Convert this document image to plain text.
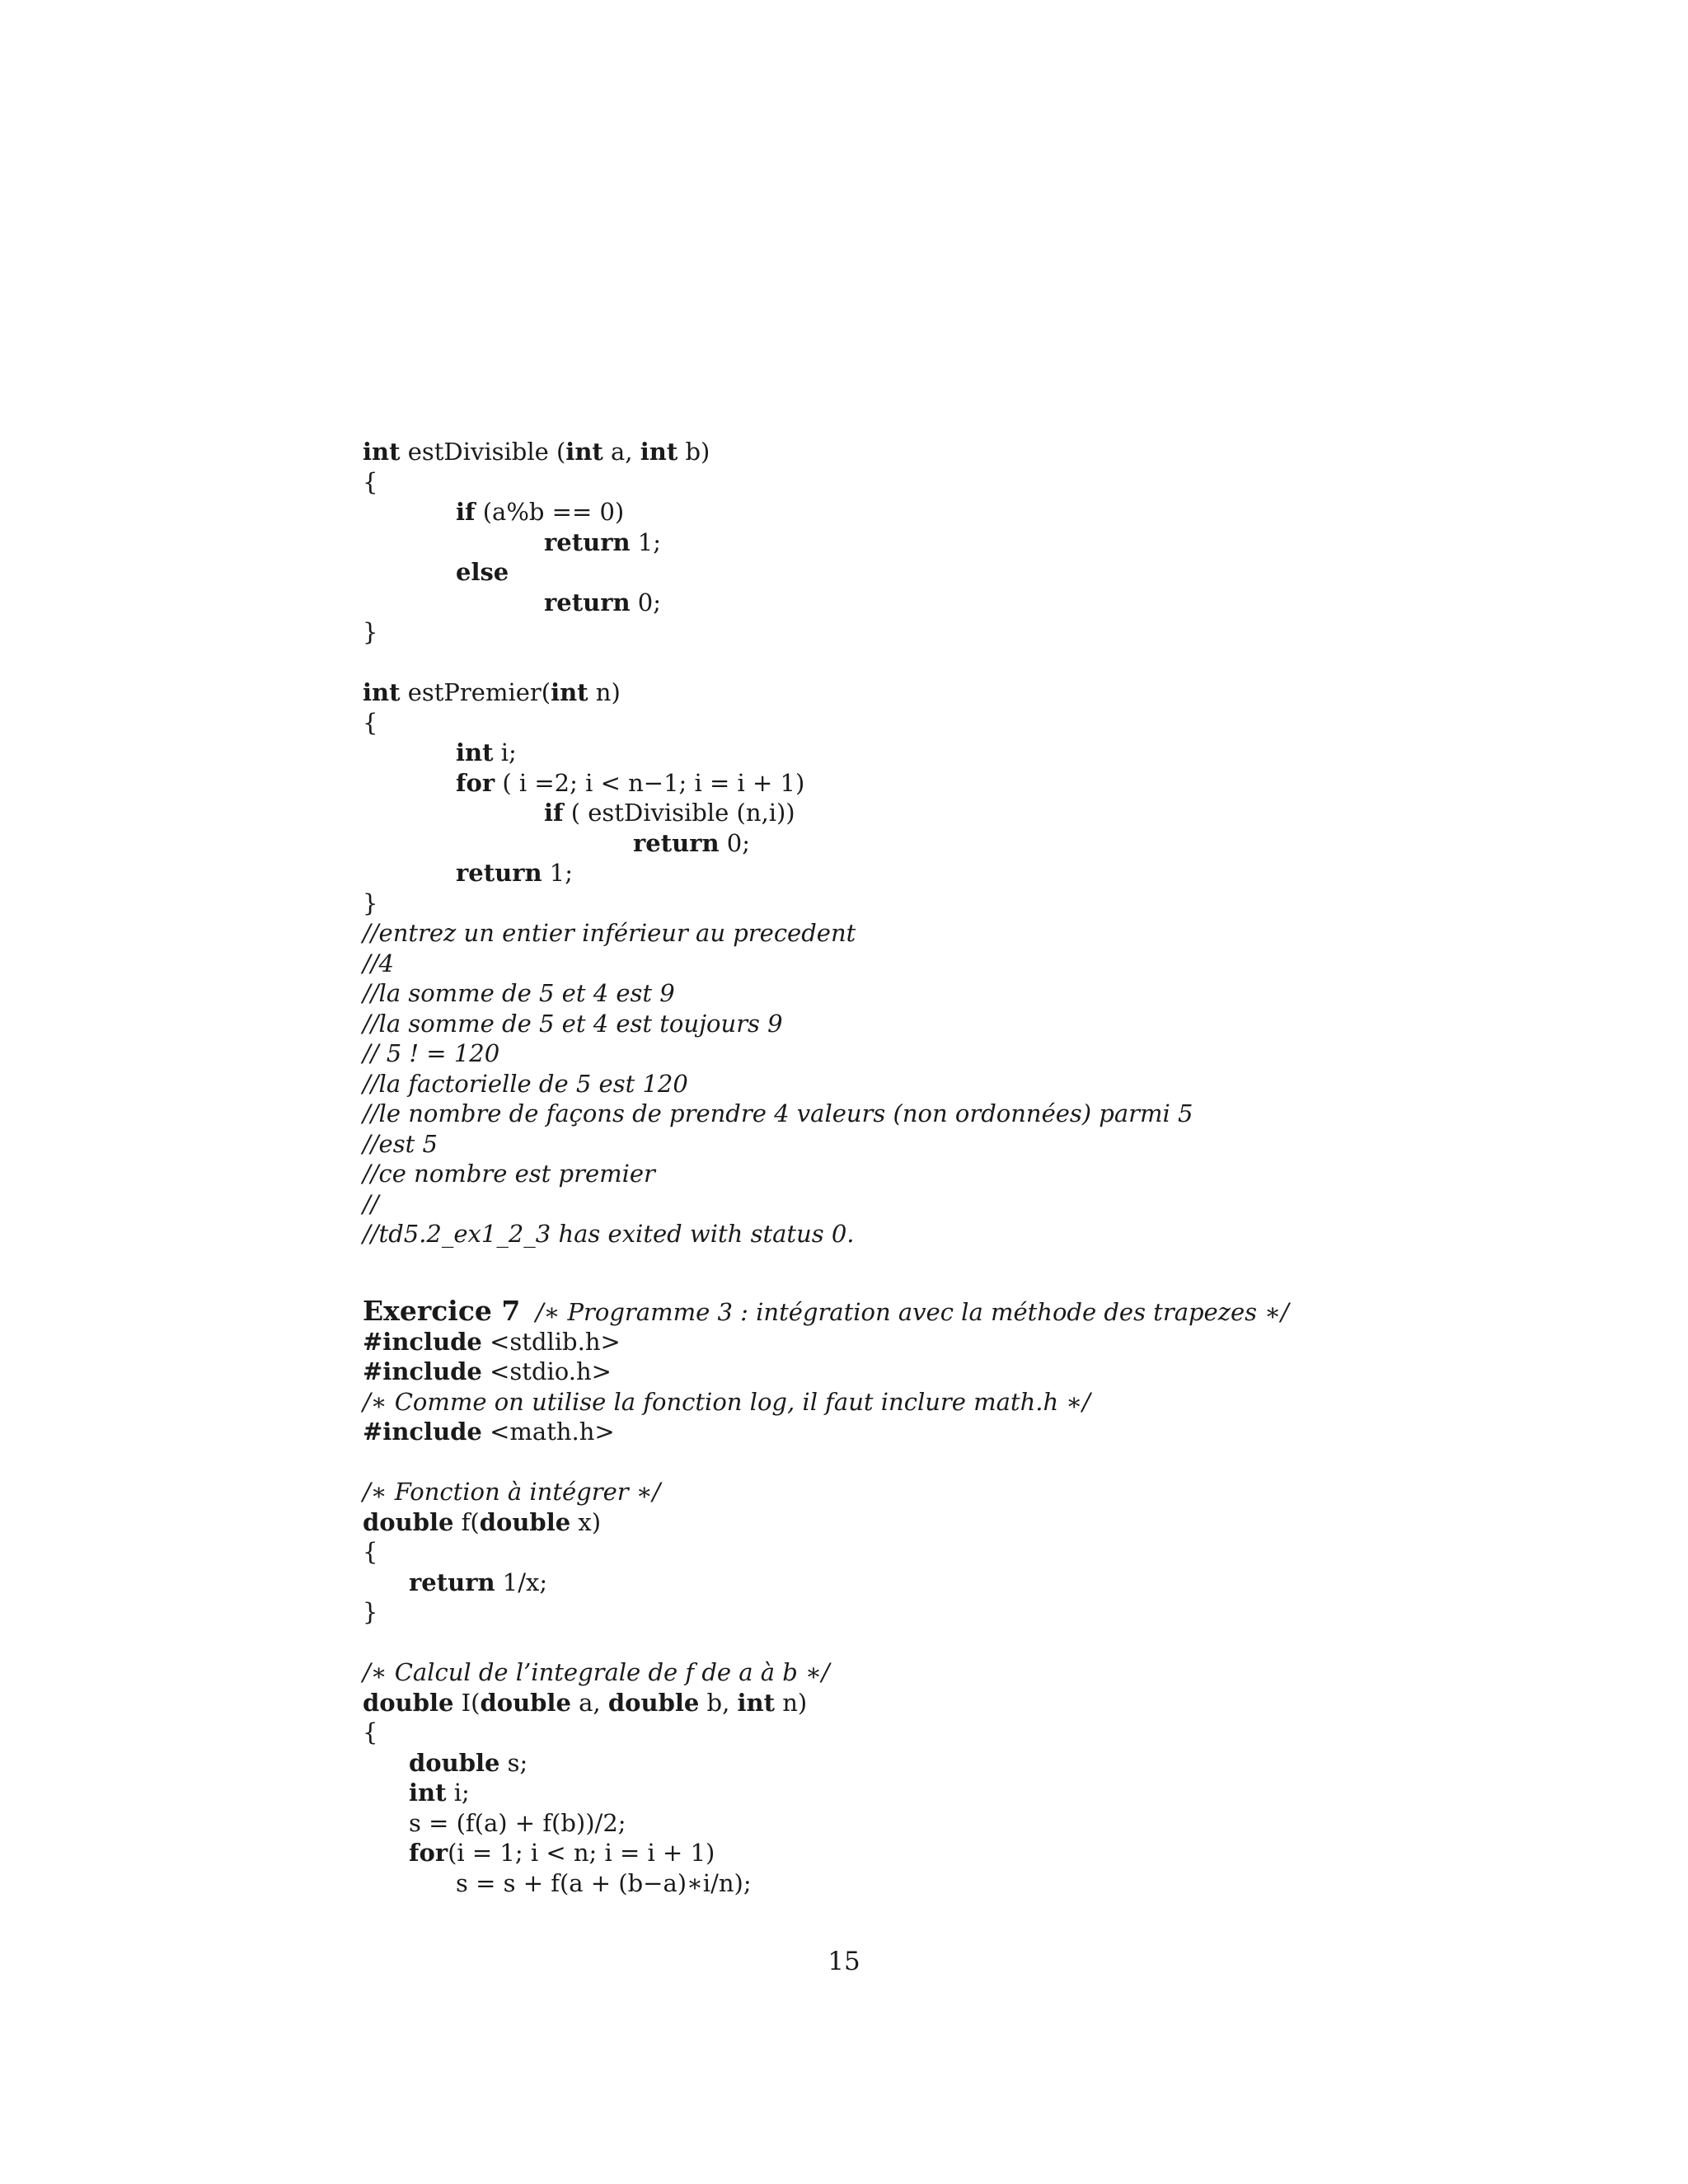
int estDivisible (int a, int b)
{
if (a%b == 0)
return 1;
else
return 0;
}
int estPremier(int n)
{
int i;
for ( i =2; i < n−1; i = i + 1)
if ( estDivisible (n,i))
return 0;
return 1;
}
//entrez un entier inférieur au precedent
//4
//la somme de 5 et 4 est 9
//la somme de 5 et 4 est toujours 9
// 5 ! = 120
//la factorielle de 5 est 120
//le nombre de façons de prendre 4 valeurs (non ordonnées) parmi 5
//est 5
//ce nombre est premier
//
//td5.2_ex1_2_3 has exited with status 0.
Exercice 7 /∗ Programme 3 : intégration avec la méthode des trapezes ∗/
#include <stdlib.h>
#include <stdio.h>
/∗ Comme on utilise la fonction log, il faut inclure math.h ∗/
#include <math.h>
/∗ Fonction à intégrer ∗/
double f(double x)
{
return 1/x;
}
/∗ Calcul de l’integrale de f de a à b ∗/
double I(double a, double b, int n)
{
double s;
int i;
s = (f(a) + f(b))/2;
for(i = 1; i < n; i = i + 1)
s = s + f(a + (b−a)∗i/n);
15
